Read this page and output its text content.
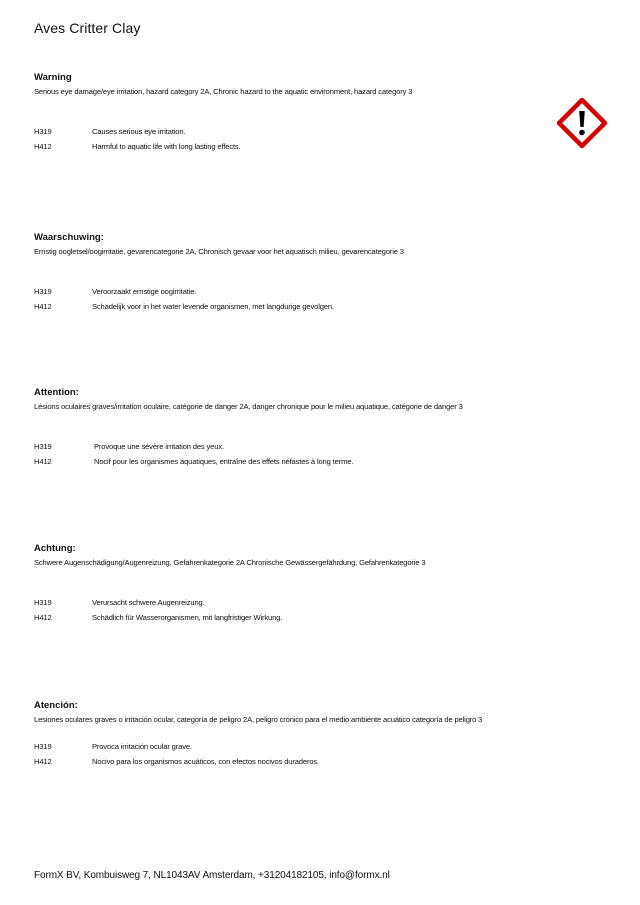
Aves Critter Clay
Warning
Serious eye damage/eye irritation, hazard category 2A, Chronic hazard to the aquatic environment, hazard category 3
H319	Causes serious eye irritation.
H412	Harmful to aquatic life with long lasting effects.
Waarschuwing:
Ernstig oogletsel/oogirritatie, gevarencategorie 2A, Chronisch gevaar voor het aquatisch milieu, gevarencategorie 3
H319	Veroorzaakt ernstige oogirritatie.
H412	Schadelijk voor in het water levende organismen, met langdurige gevolgen.
Attention:
Lésions oculaires graves/irritation oculaire, catégorie de danger 2A, danger chronique pour le milieu aquatique, catégorie de danger 3
H319	Provoque une sévère irritation des yeux.
H412	Nocif pour les organismes aquatiques, entraîne des effets néfastes à long terme.
Achtung:
Schwere Augenschädigung/Augenreizung, Gefahrenkategorie 2A Chronische Gewässergefährdung, Gefahrenkategorie 3
H319	Verursacht schwere Augenreizung.
H412	Schädlich für Wasserorganismen, mit langfristiger Wirkung.
Atención:
Lesiones oculares graves o irritación ocular, categoría de peligro 2A, peligro crónico para el medio ambiente acuático categoría de peligro 3
H319	Provoca irritación ocular grave.
H412	Nocivo para los organismos acuáticos, con efectos nocivos duraderos.
FormX BV, Kombuisweg 7, NL1043AV Amsterdam, +31204182105, info@formx.nl
